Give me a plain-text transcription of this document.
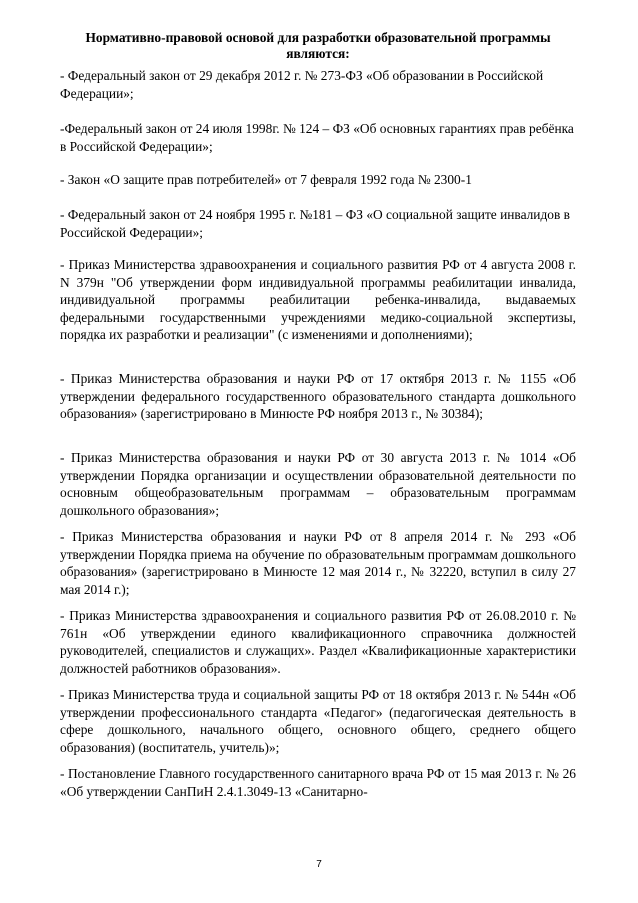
Нормативно-правовой основой для разработки образовательной программы являются:

- Федеральный закон от 29 декабря 2012 г. № 273-ФЗ «Об образовании в Российской Федерации»;

-Федеральный закон от 24 июля 1998г. № 124 – ФЗ «Об основных гарантиях прав ребёнка в Российской Федерации»;

- Закон «О защите прав потребителей» от 7 февраля 1992 года № 2300-1

- Федеральный закон от 24 ноября 1995 г. №181 – ФЗ «О социальной защите инвалидов в Российской Федерации»;

- Приказ Министерства здравоохранения и социального развития РФ от 4 августа 2008 г. N 379н "Об утверждении форм индивидуальной программы реабилитации инвалида, индивидуальной программы реабилитации ребенка-инвалида, выдаваемых федеральными государственными учреждениями медико-социальной экспертизы, порядка их разработки и реализации" (с изменениями и дополнениями);

- Приказ Министерства образования и науки РФ от 17 октября 2013 г. № 1155 «Об утверждении федерального государственного образовательного стандарта дошкольного образования» (зарегистрировано в Минюсте РФ ноября 2013 г., № 30384);

- Приказ Министерства образования и науки РФ от 30 августа 2013 г. № 1014 «Об утверждении Порядка организации и осуществлении образовательной деятельности по основным общеобразовательным программам – образовательным программам дошкольного образования»;

- Приказ Министерства образования и науки РФ от 8 апреля 2014 г. № 293 «Об утверждении Порядка приема на обучение по образовательным программам дошкольного образования» (зарегистрировано в Минюсте 12 мая 2014 г., № 32220, вступил в силу 27 мая 2014 г.);

- Приказ Министерства здравоохранения и социального развития РФ от 26.08.2010 г. № 761н «Об утверждении единого квалификационного справочника должностей руководителей, специалистов и служащих». Раздел «Квалификационные характеристики должностей работников образования».

- Приказ Министерства труда и социальной защиты РФ от 18 октября 2013 г. № 544н «Об утверждении профессионального стандарта «Педагог» (педагогическая деятельность в сфере дошкольного, начального общего, основного общего, среднего общего образования) (воспитатель, учитель)»;

- Постановление Главного государственного санитарного врача РФ от 15 мая 2013 г. № 26 «Об утверждении СанПиН 2.4.1.3049-13 «Санитарно-

7
